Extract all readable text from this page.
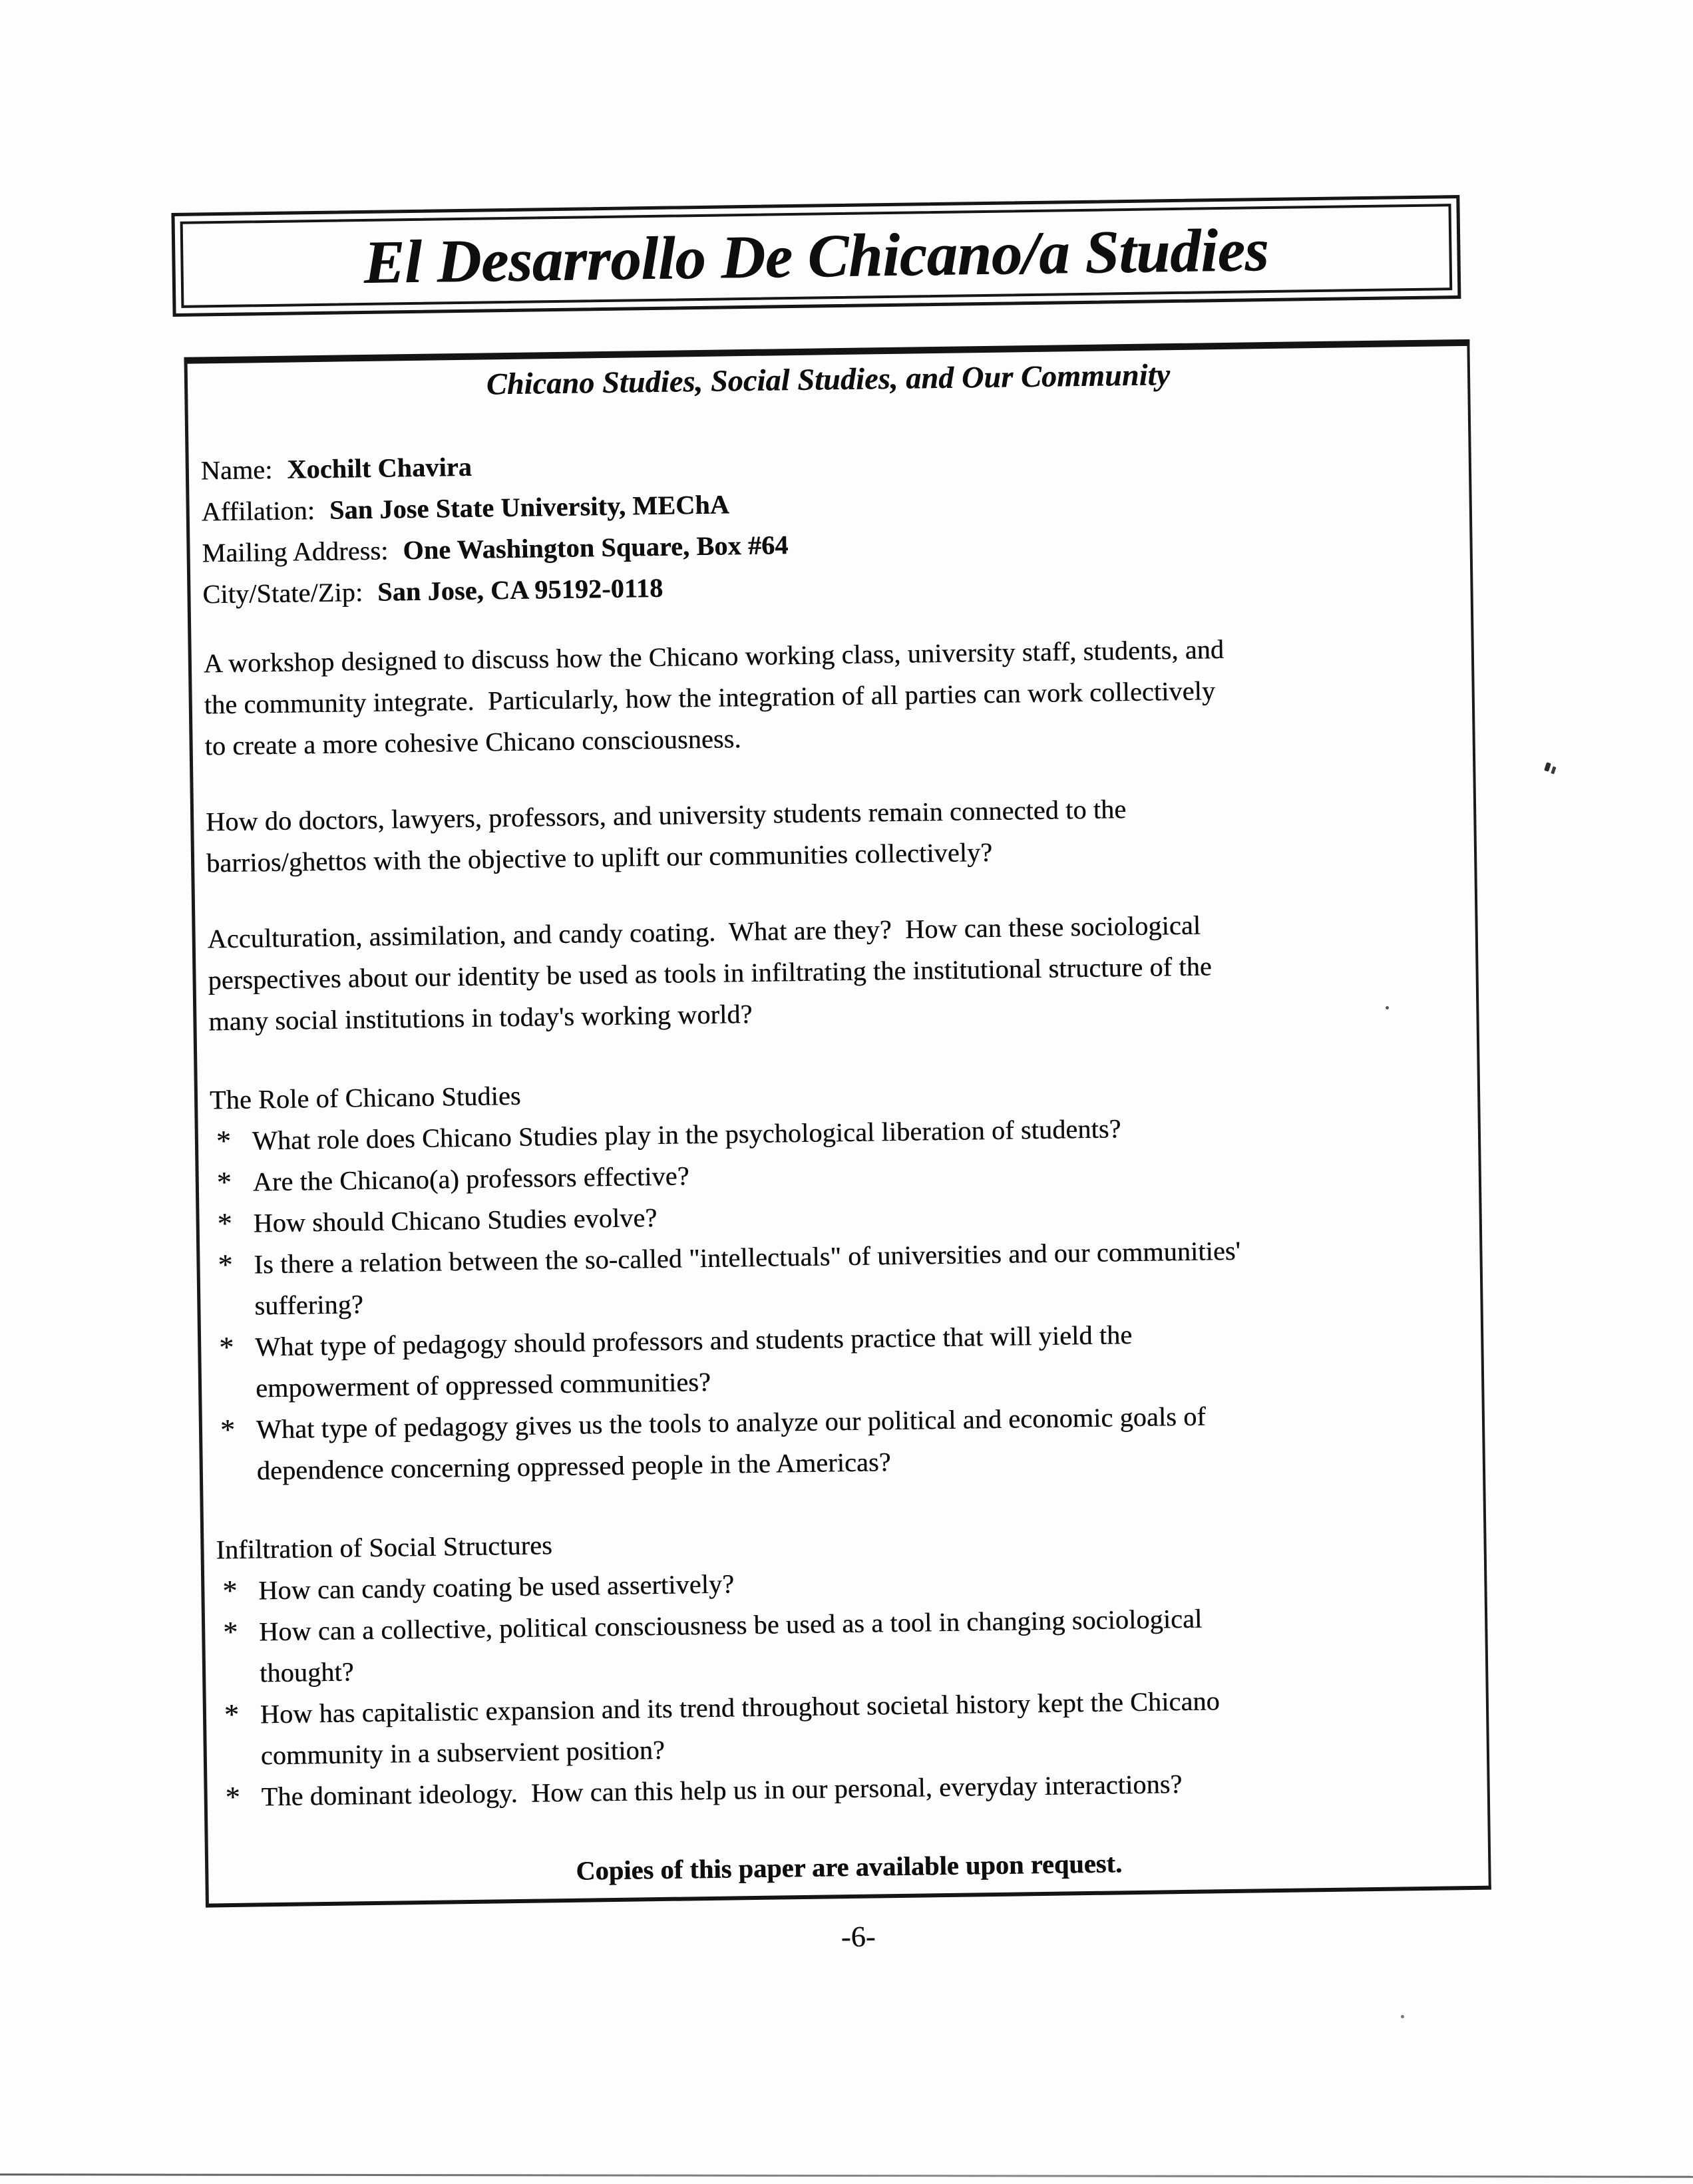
El Desarrollo De Chicano/a Studies
Chicano Studies, Social Studies, and Our Community
Name: Xochilt Chavira
Affilation: San Jose State University, MEChA
Mailing Address: One Washington Square, Box #64
City/State/Zip: San Jose, CA 95192-0118
A workshop designed to discuss how the Chicano working class, university staff, students, and
the community integrate.  Particularly, how the integration of all parties can work collectively
to create a more cohesive Chicano consciousness.
How do doctors, lawyers, professors, and university students remain connected to the
barrios/ghettos with the objective to uplift our communities collectively?
Acculturation, assimilation, and candy coating.  What are they?  How can these sociological
perspectives about our identity be used as tools in infiltrating the institutional structure of the
many social institutions in today's working world?
The Role of Chicano Studies
* What role does Chicano Studies play in the psychological liberation of students?
* Are the Chicano(a) professors effective?
* How should Chicano Studies evolve?
* Is there a relation between the so-called "intellectuals" of universities and our communities'
suffering?
* What type of pedagogy should professors and students practice that will yield the
empowerment of oppressed communities?
* What type of pedagogy gives us the tools to analyze our political and economic goals of
dependence concerning oppressed people in the Americas?
Infiltration of Social Structures
* How can candy coating be used assertively?
* How can a collective, political consciousness be used as a tool in changing sociological
thought?
* How has capitalistic expansion and its trend throughout societal history kept the Chicano
community in a subservient position?
* The dominant ideology.  How can this help us in our personal, everyday interactions?
Copies of this paper are available upon request.
-6-
